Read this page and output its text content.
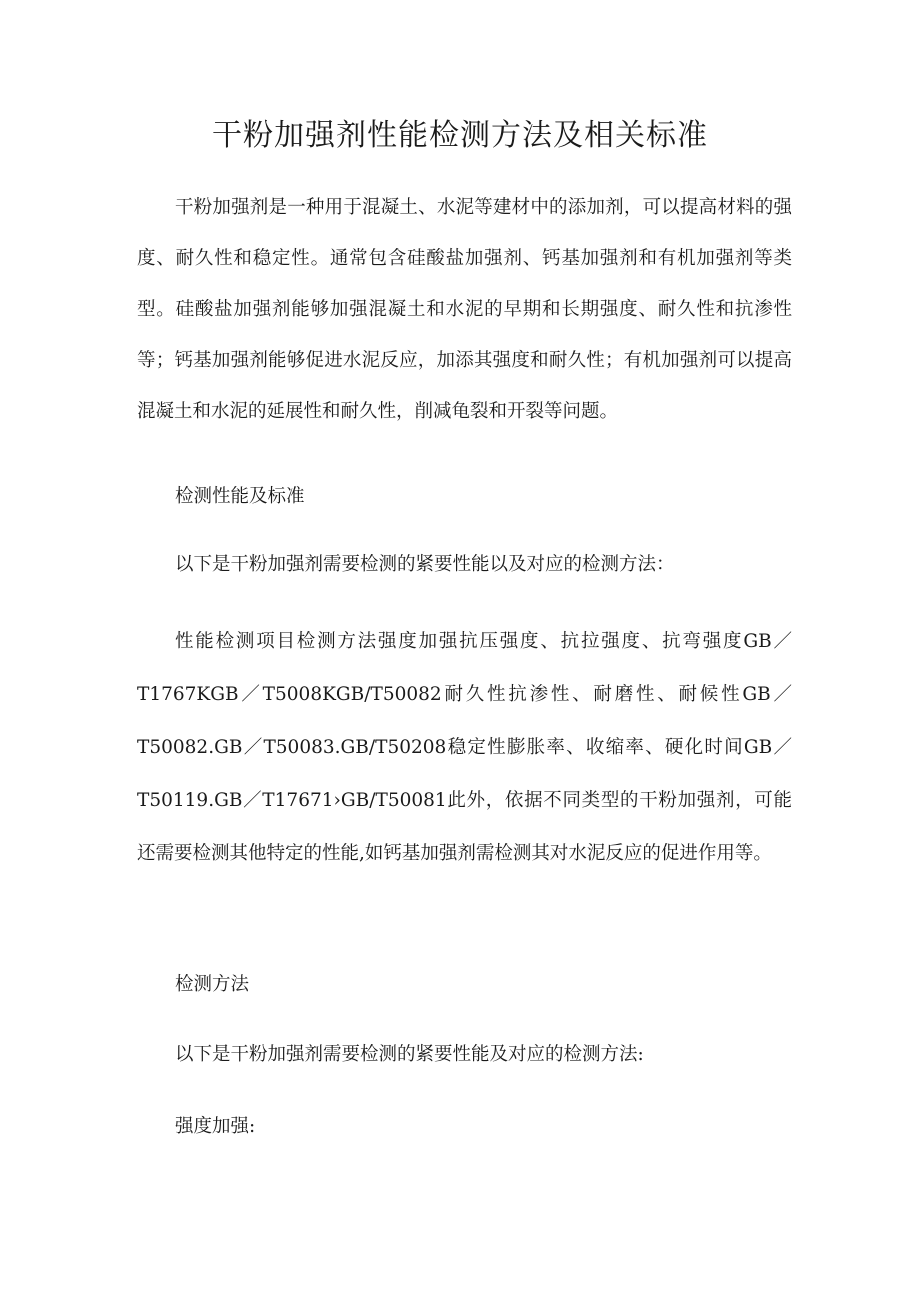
干粉加强剂性能检测方法及相关标准

干粉加强剂是一种用于混凝土、水泥等建材中的添加剂，可以提高材料的强度、耐久性和稳定性。通常包含硅酸盐加强剂、钙基加强剂和有机加强剂等类型。硅酸盐加强剂能够加强混凝土和水泥的早期和长期强度、耐久性和抗渗性等；钙基加强剂能够促进水泥反应，加添其强度和耐久性；有机加强剂可以提高混凝土和水泥的延展性和耐久性，削减龟裂和开裂等问题。

检测性能及标准

以下是干粉加强剂需要检测的紧要性能以及对应的检测方法：

性能检测项目检测方法强度加强抗压强度、抗拉强度、抗弯强度GB／T1767KGB／T5008KGB/T50082耐久性抗渗性、耐磨性、耐候性GB／T50082.GB／T50083.GB/T50208稳定性膨胀率、收缩率、硬化时间GB／T50119.GB／T17671›GB/T50081此外，依据不同类型的干粉加强剂，可能还需要检测其他特定的性能,如钙基加强剂需检测其对水泥反应的促进作用等。

检测方法

以下是干粉加强剂需要检测的紧要性能及对应的检测方法:

强度加强:
